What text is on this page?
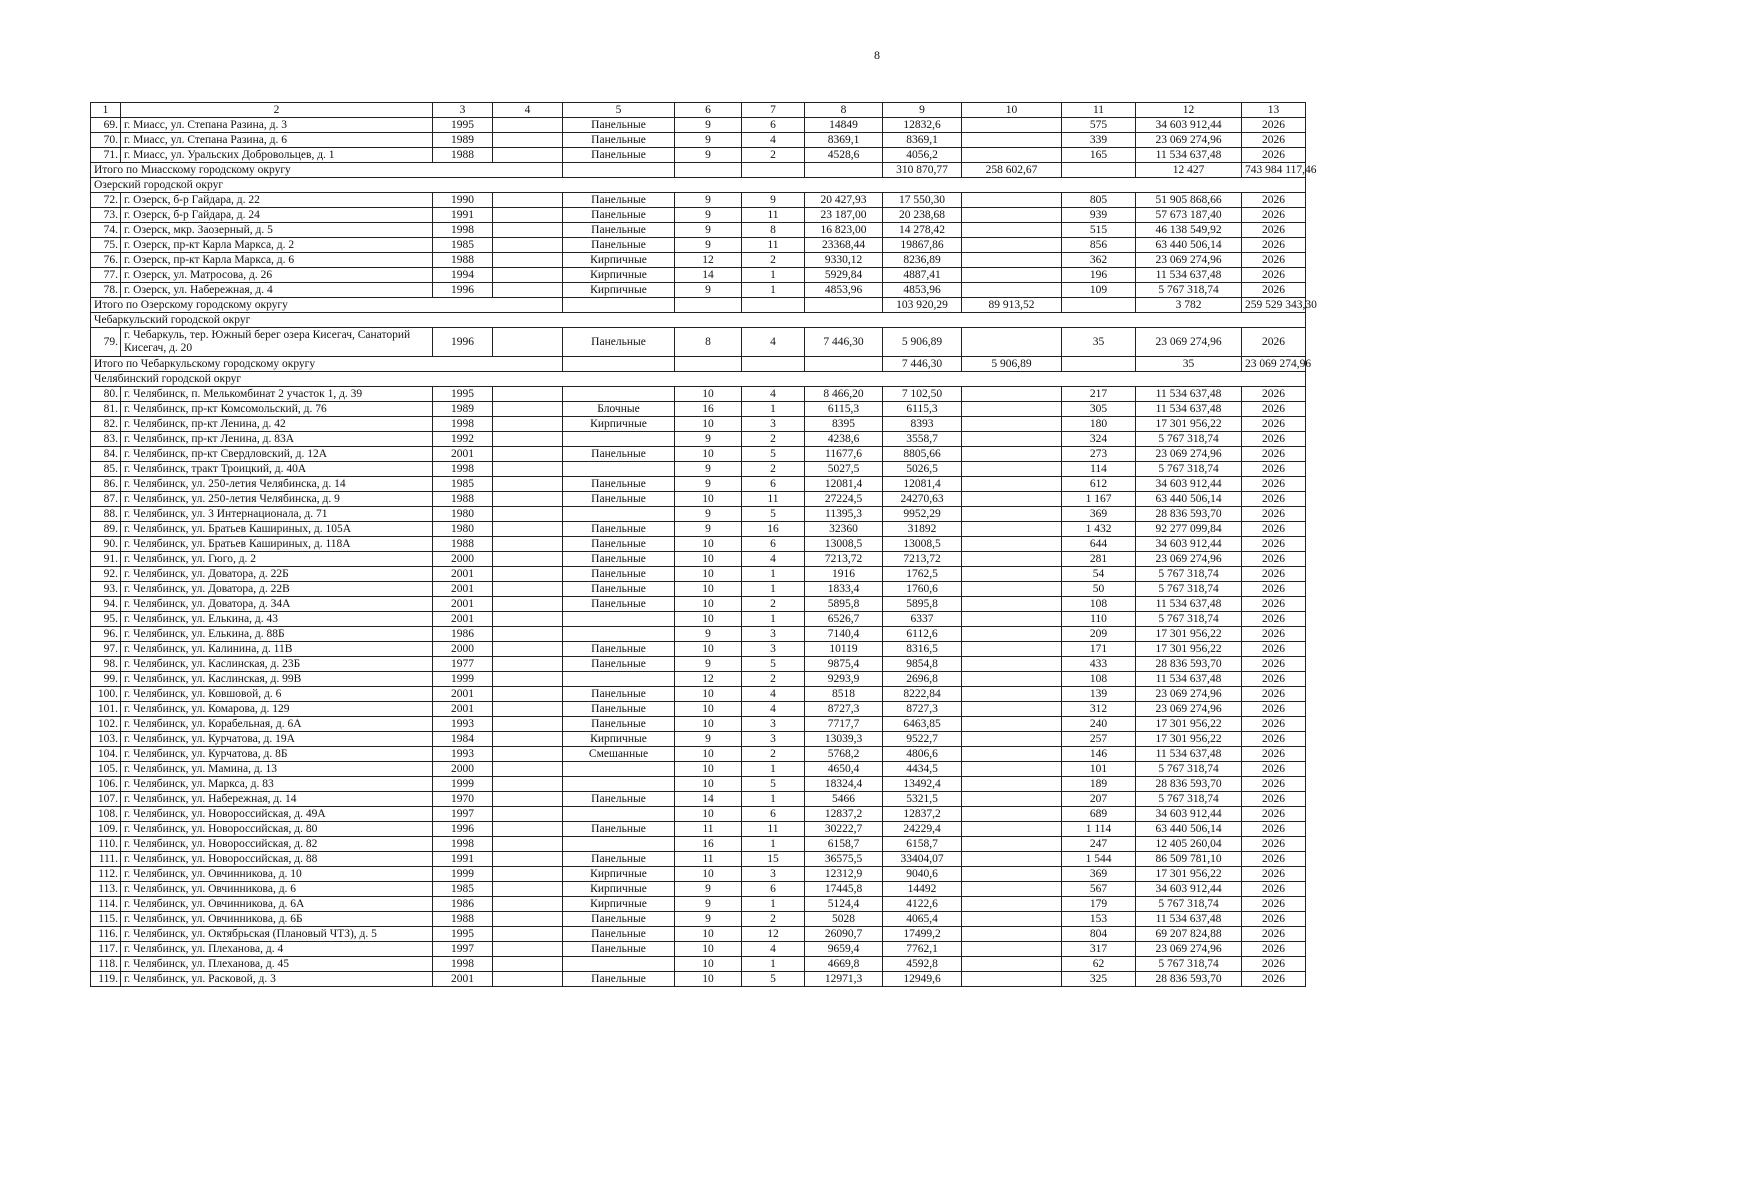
8
1	2	3	4	5	6	7	8	9	10	11	12	13	
69.	г. Миасс, ул. Степана Разина, д. 3	1995		Панельные	9	6	14849	12832,6		575	34 603 912,44	2026	
70.	г. Миасс, ул. Степана Разина, д. 6	1989		Панельные	9	4	8369,1	8369,1		339	23 069 274,96	2026	
71.	г. Миасс, ул. Уральских Добровольцев, д. 1	1988		Панельные	9	2	4528,6	4056,2		165	11 534 637,48	2026	
Итого по Миасскому городскому округу								310 870,77	258 602,67		12 427	743 984 117,46	
Озерский городской округ													
72.	г. Озерск, б-р Гайдара, д. 22	1990		Панельные	9	9	20 427,93	17 550,30		805	51 905 868,66	2026	
73.	г. Озерск, б-р Гайдара, д. 24	1991		Панельные	9	11	23 187,00	20 238,68		939	57 673 187,40	2026	
74.	г. Озерск, мкр. Заозерный, д. 5	1998		Панельные	9	8	16 823,00	14 278,42		515	46 138 549,92	2026	
75.	г. Озерск, пр-кт Карла Маркса, д. 2	1985		Панельные	9	11	23368,44	19867,86		856	63 440 506,14	2026	
76.	г. Озерск, пр-кт Карла Маркса, д. 6	1988		Кирпичные	12	2	9330,12	8236,89		362	23 069 274,96	2026	
77.	г. Озерск, ул. Матросова, д. 26	1994		Кирпичные	14	1	5929,84	4887,41		196	11 534 637,48	2026	
78.	г. Озерск, ул. Набережная, д. 4	1996		Кирпичные	9	1	4853,96	4853,96		109	5 767 318,74	2026	
Итого по Озерскому городскому округу								103 920,29	89 913,52		3 782	259 529 343,30	
Чебаркульский городской округ													
79.	г. Чебаркуль, тер. Южный берег озера Кисегач, Санаторий Кисегач, д. 20	1996		Панельные	8	4	7 446,30	5 906,89		35	23 069 274,96	2026	
Итого по Чебаркульскому городскому округу								7 446,30	5 906,89		35	23 069 274,96	
Челябинский городской округ													
80.	г. Челябинск, п. Мелькомбинат 2 участок 1, д. 39	1995			10	4	8 466,20	7 102,50		217	11 534 637,48	2026	
81.	г. Челябинск, пр-кт Комсомольский, д. 76	1989		Блочные	16	1	6115,3	6115,3		305	11 534 637,48	2026	
82.	г. Челябинск, пр-кт Ленина, д. 42	1998		Кирпичные	10	3	8395	8393		180	17 301 956,22	2026	
83.	г. Челябинск, пр-кт Ленина, д. 83А	1992			9	2	4238,6	3558,7		324	5 767 318,74	2026	
84.	г. Челябинск, пр-кт Свердловский, д. 12А	2001		Панельные	10	5	11677,6	8805,66		273	23 069 274,96	2026	
85.	г. Челябинск, тракт Троицкий, д. 40А	1998			9	2	5027,5	5026,5		114	5 767 318,74	2026	
86.	г. Челябинск, ул. 250-летия Челябинска, д. 14	1985		Панельные	9	6	12081,4	12081,4		612	34 603 912,44	2026	
87.	г. Челябинск, ул. 250-летия Челябинска, д. 9	1988		Панельные	10	11	27224,5	24270,63		1 167	63 440 506,14	2026	
88.	г. Челябинск, ул. 3 Интернационала, д. 71	1980			9	5	11395,3	9952,29		369	28 836 593,70	2026	
89.	г. Челябинск, ул. Братьев Кашириных, д. 105А	1980		Панельные	9	16	32360	31892		1 432	92 277 099,84	2026	
90.	г. Челябинск, ул. Братьев Кашириных, д. 118А	1988		Панельные	10	6	13008,5	13008,5		644	34 603 912,44	2026	
91.	г. Челябинск, ул. Гюго, д. 2	2000		Панельные	10	4	7213,72	7213,72		281	23 069 274,96	2026	
92.	г. Челябинск, ул. Доватора, д. 22Б	2001		Панельные	10	1	1916	1762,5		54	5 767 318,74	2026	
93.	г. Челябинск, ул. Доватора, д. 22В	2001		Панельные	10	1	1833,4	1760,6		50	5 767 318,74	2026	
94.	г. Челябинск, ул. Доватора, д. 34А	2001		Панельные	10	2	5895,8	5895,8		108	11 534 637,48	2026	
95.	г. Челябинск, ул. Елькина, д. 43	2001			10	1	6526,7	6337		110	5 767 318,74	2026	
96.	г. Челябинск, ул. Елькина, д. 88Б	1986			9	3	7140,4	6112,6		209	17 301 956,22	2026	
97.	г. Челябинск, ул. Калинина, д. 11В	2000		Панельные	10	3	10119	8316,5		171	17 301 956,22	2026	
98.	г. Челябинск, ул. Каслинская, д. 23Б	1977		Панельные	9	5	9875,4	9854,8		433	28 836 593,70	2026	
99.	г. Челябинск, ул. Каслинская, д. 99В	1999			12	2	9293,9	2696,8		108	11 534 637,48	2026	
100.	г. Челябинск, ул. Ковшовой, д. 6	2001		Панельные	10	4	8518	8222,84		139	23 069 274,96	2026	
101.	г. Челябинск, ул. Комарова, д. 129	2001		Панельные	10	4	8727,3	8727,3		312	23 069 274,96	2026	
102.	г. Челябинск, ул. Корабельная, д. 6А	1993		Панельные	10	3	7717,7	6463,85		240	17 301 956,22	2026	
103.	г. Челябинск, ул. Курчатова, д. 19А	1984		Кирпичные	9	3	13039,3	9522,7		257	17 301 956,22	2026	
104.	г. Челябинск, ул. Курчатова, д. 8Б	1993		Смешанные	10	2	5768,2	4806,6		146	11 534 637,48	2026	
105.	г. Челябинск, ул. Мамина, д. 13	2000			10	1	4650,4	4434,5		101	5 767 318,74	2026	
106.	г. Челябинск, ул. Маркса, д. 83	1999			10	5	18324,4	13492,4		189	28 836 593,70	2026	
107.	г. Челябинск, ул. Набережная, д. 14	1970		Панельные	14	1	5466	5321,5		207	5 767 318,74	2026	
108.	г. Челябинск, ул. Новороссийская, д. 49А	1997			10	6	12837,2	12837,2		689	34 603 912,44	2026	
109.	г. Челябинск, ул. Новороссийская, д. 80	1996		Панельные	11	11	30222,7	24229,4		1 114	63 440 506,14	2026	
110.	г. Челябинск, ул. Новороссийская, д. 82	1998			16	1	6158,7	6158,7		247	12 405 260,04	2026	
111.	г. Челябинск, ул. Новороссийская, д. 88	1991		Панельные	11	15	36575,5	33404,07		1 544	86 509 781,10	2026	
112.	г. Челябинск, ул. Овчинникова, д. 10	1999		Кирпичные	10	3	12312,9	9040,6		369	17 301 956,22	2026	
113.	г. Челябинск, ул. Овчинникова, д. 6	1985		Кирпичные	9	6	17445,8	14492		567	34 603 912,44	2026	
114.	г. Челябинск, ул. Овчинникова, д. 6А	1986		Кирпичные	9	1	5124,4	4122,6		179	5 767 318,74	2026	
115.	г. Челябинск, ул. Овчинникова, д. 6Б	1988		Панельные	9	2	5028	4065,4		153	11 534 637,48	2026	
116.	г. Челябинск, ул. Октябрьская (Плановый ЧТЗ), д. 5	1995		Панельные	10	12	26090,7	17499,2		804	69 207 824,88	2026	
117.	г. Челябинск, ул. Плеханова, д. 4	1997		Панельные	10	4	9659,4	7762,1		317	23 069 274,96	2026	
118.	г. Челябинск, ул. Плеханова, д. 45	1998			10	1	4669,8	4592,8		62	5 767 318,74	2026	
119.	г. Челябинск, ул. Расковой, д. 3	2001		Панельные	10	5	12971,3	12949,6		325	28 836 593,70	2026	
